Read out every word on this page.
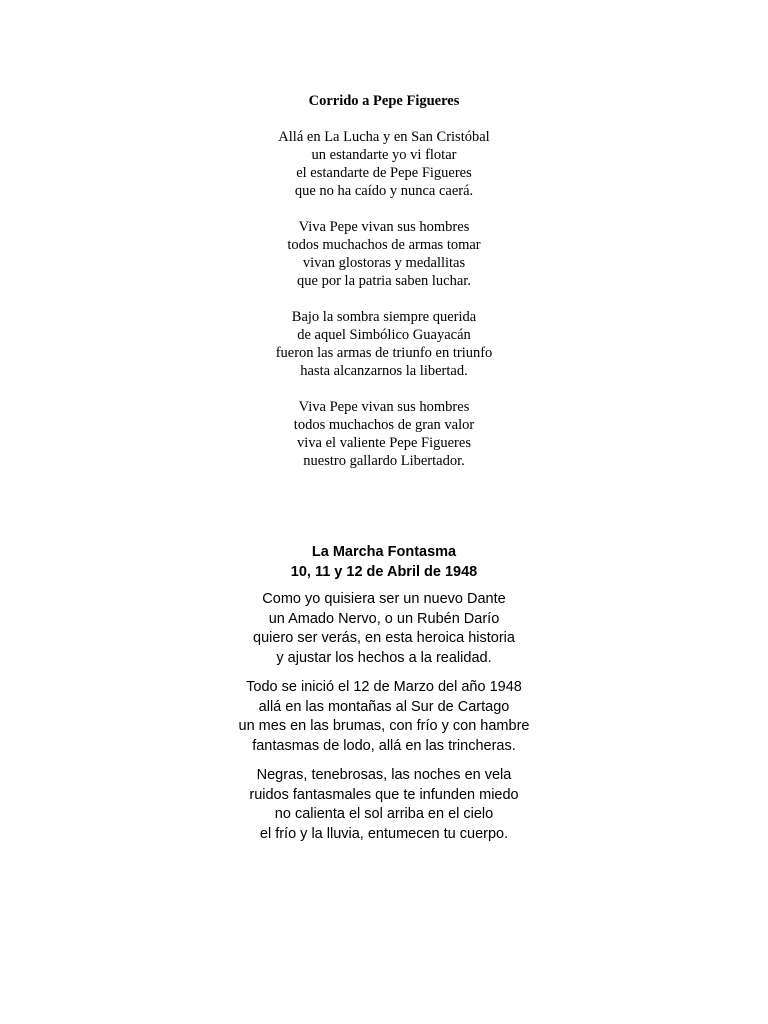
Corrido a Pepe Figueres
Allá en La Lucha y en San Cristóbal
un estandarte yo vi flotar
el estandarte de Pepe Figueres
que no ha caído y nunca caerá.
Viva Pepe vivan sus hombres
todos muchachos de armas tomar
vivan glostoras y medallitas
que por la patria saben luchar.
Bajo la sombra siempre querida
de aquel Simbólico Guayacán
fueron las armas de triunfo en triunfo
hasta alcanzarnos la libertad.
Viva Pepe vivan sus hombres
todos muchachos de gran valor
viva el valiente Pepe Figueres
nuestro gallardo Libertador.
La Marcha Fontasma
10, 11 y 12 de Abril de 1948
Como yo quisiera ser un nuevo Dante
un Amado Nervo, o un Rubén Darío
quiero ser verás, en esta heroica historia
y ajustar los hechos a la realidad.
Todo se inició el 12 de Marzo del año 1948
allá en las montañas al Sur de Cartago
un mes en las brumas, con frío y con hambre
fantasmas de lodo, allá en las trincheras.
Negras, tenebrosas, las noches en vela
ruidos fantasmales que te infunden miedo
no calienta el sol arriba en el cielo
el frío y la lluvia, entumecen tu cuerpo.
